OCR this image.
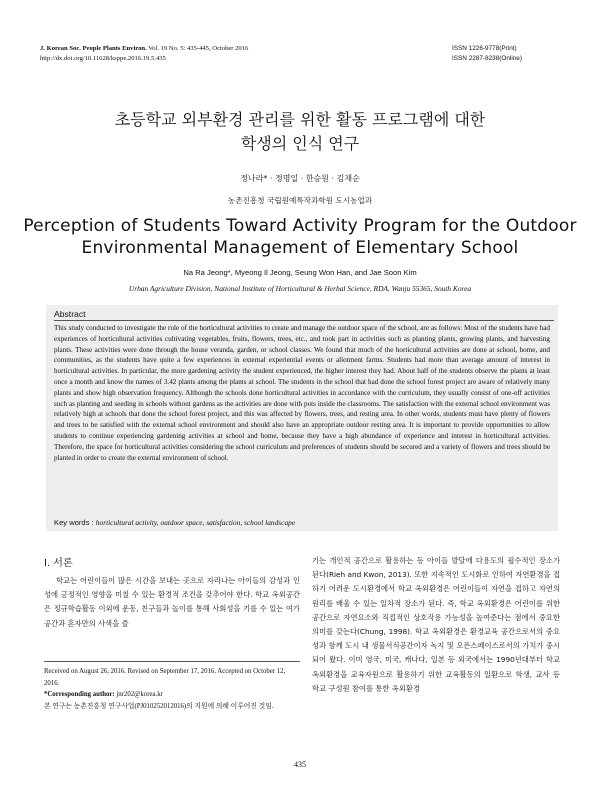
J. Korean Soc. People Plants Environ. Vol. 19 No. 5: 435-445, October 2016
http://dx.doi.org/10.11628/ksppe.2016.19.5.435
ISSN 1226-9778(Print)
ISSN 2287-8238(Online)
초등학교 외부환경 관리를 위한 활동 프로그램에 대한
학생의 인식 연구
정나라* · 정명일 · 한승원 · 김재순
농촌진흥청 국립원예특작과학원 도시농업과
Perception of Students Toward Activity Program for the Outdoor
Environmental Management of Elementary School
Na Ra Jeong*, Myeong Il Jeong, Seung Won Han, and Jae Soon Kim
Urban Agriculture Division, National Institute of Horticultural & Herbal Science, RDA, Wanju 55365, South Korea
Abstract
This study conducted to investigate the role of the horticultural activities to create and manage the outdoor space of the school, are as follows: Most of the students have had experiences of horticultural activities cultivating vegetables, fruits, flowers, trees, etc., and took part in activities such as planting plants, growing plants, and harvesting plants. These activities were done through the house veranda, garden, or school classes. We found that much of the horticultural activities are done at school, home, and communities, as the students have quite a few experiences in external experiential events or allotment farms. Students had more than average amount of interest in horticultural activities. In particular, the more gardening activity the student experienced, the higher interest they had. About half of the students observe the plants at least once a month and know the names of 3.42 plants among the plants at school. The students in the school that had done the school forest project are aware of relatively many plants and show high observation frequency. Although the schools done horticultural activities in accordance with the curriculum, they usually consist of one-off activities such as planting and seeding in schools without gardens as the activities are done with pots inside the classrooms. The satisfaction with the external school environment was relatively high at schools that done the school forest project, and this was affected by flowers, trees, and resting area. In other words, students must have plenty of flowers and trees to be satisfied with the external school environment and should also have an appropriate outdoor resting area. It is important to provide opportunities to allow students to continue experiencing gardening activities at school and home, because they have a high abundance of experience and interest in horticultural activities. Therefore, the space for horticultural activities considering the school curriculum and preferences of students should be secured and a variety of flowers and trees should be planted in order to create the external environment of school.
Key words : horticultural activity, outdoor space, satisfaction, school landscape
Ⅰ. 서론

학교는 어린이들이 많은 시간을 보내는 곳으로 자라나는 아이들의 감성과 인성에 긍정적인 영향을 미칠 수 있는 환경적 조건을 갖추어야 한다. 학교 옥외공간은 정규학습활동 이외에 운동, 친구들과 놀이를 통해 사회성을 기를 수 있는 여가공간과 혼자만의 사색을 즐

기는 개인적 공간으로 활용하는 등 아이들 발달에 다용도의 필수적인 장소가 된다(Rieh and Kwon, 2013). 또한 지속적인 도시화로 인하여 자연환경을 접하기 어려운 도시환경에서 학교 옥외환경은 어린이들이 자연을 접하고 자연의 원리를 배울 수 있는 일차적 장소가 된다. 즉, 학교 옥외환경은 어린이를 위한 공간으로 자연요소와 직접적인 상호작용 가능성을 높여준다는 점에서 중요한 의미를 갖는다(Chung, 1998). 학교 옥외환경은 환경교육 공간으로서의 중요성과 함께 도시 내 생물서식공간이자 녹지 및 오픈스페이스로서의 가치가 중시되어 왔다. 이미 영국, 미국, 캐나다, 일본 등 외국에서는 1990년대부터 학교 옥외환경을 교육자원으로 활용하기 위한 교육활동의 일환으로 학생, 교사 등 학교 구성원 참여를 통한 옥외환경

Received on August 26, 2016. Revised on September 17, 2016. Accepted on October 12, 2016.
*Corresponding author: jnr202@korea.kr
본 연구는 농촌진흥청 연구사업(PJ010252012016)의 지원에 의해 이루어진 것임.
435
